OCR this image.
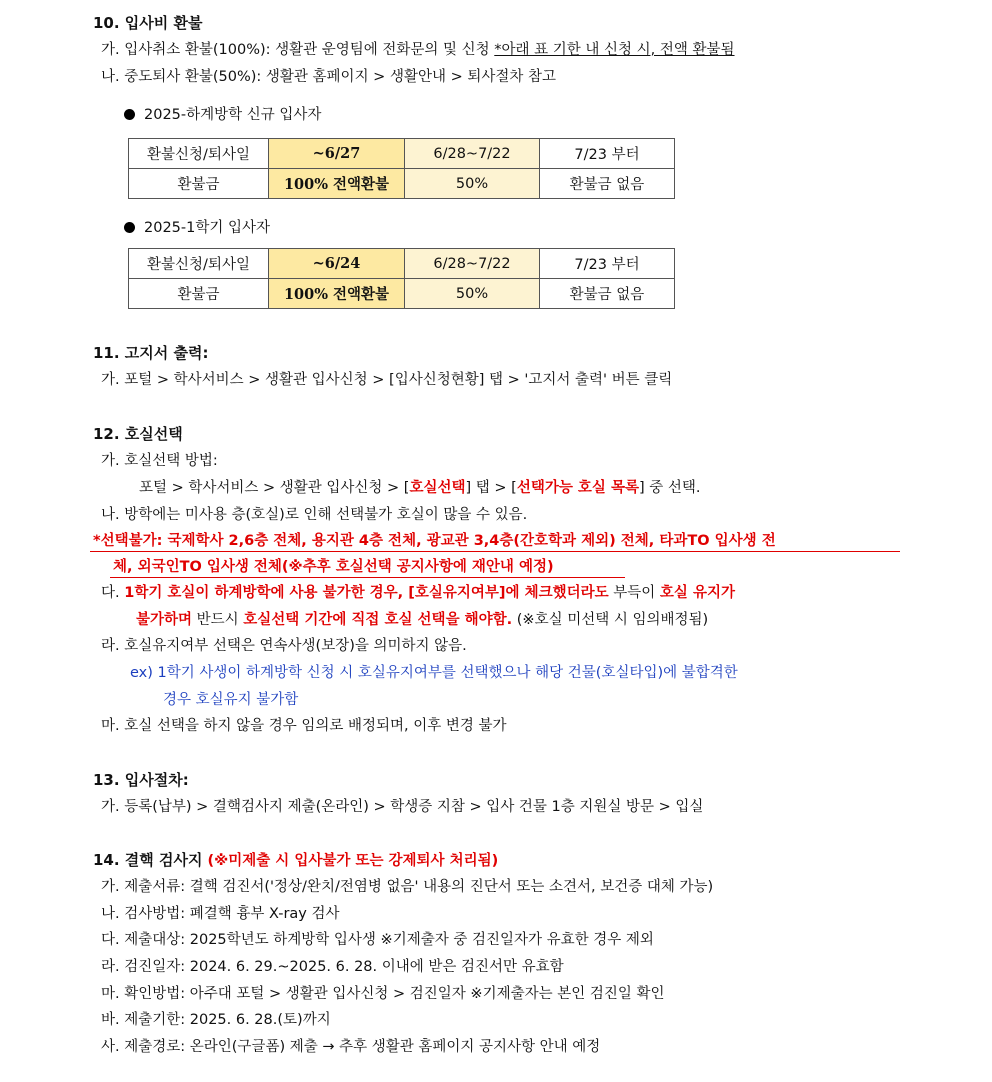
10. 입사비 환불
가. 입사취소 환불(100%): 생활관 운영팀에 전화문의 및 신청 *아래 표 기한 내 신청 시, 전액 환불됨
나. 중도퇴사 환불(50%): 생활관 홈페이지 > 생활안내 > 퇴사절차 참고
2025-하계방학 신규 입사자
환불신청/퇴사일	~6/27	6/28~7/22	7/23 부터
환불금	100% 전액환불	50%	환불금 없음
2025-1학기 입사자
환불신청/퇴사일	~6/24	6/28~7/22	7/23 부터
환불금	100% 전액환불	50%	환불금 없음
11. 고지서 출력:
가. 포털 > 학사서비스 > 생활관 입사신청 > [입사신청현황] 탭 > '고지서 출력' 버튼 클릭
12. 호실선택
가. 호실선택 방법:
포털 > 학사서비스 > 생활관 입사신청 > [호실선택] 탭 > [선택가능 호실 목록] 중 선택.
나. 방학에는 미사용 층(호실)로 인해 선택불가 호실이 많을 수 있음.
*선택불가: 국제학사 2,6층 전체, 용지관 4층 전체, 광교관 3,4층(간호학과 제외) 전체, 타과TO 입사생 전
체, 외국인TO 입사생 전체(※추후 호실선택 공지사항에 재안내 예정)
다. 1학기 호실이 하계방학에 사용 불가한 경우, [호실유지여부]에 체크했더라도 부득이 호실 유지가
불가하며 반드시 호실선택 기간에 직접 호실 선택을 해야함. (※호실 미선택 시 임의배정됨)
라. 호실유지여부 선택은 연속사생(보장)을 의미하지 않음.
ex) 1학기 사생이 하계방학 신청 시 호실유지여부를 선택했으나 해당 건물(호실타입)에 불합격한
경우 호실유지 불가함
마. 호실 선택을 하지 않을 경우 임의로 배정되며, 이후 변경 불가
13. 입사절차:
가. 등록(납부) > 결핵검사지 제출(온라인) > 학생증 지참 > 입사 건물 1층 지원실 방문 > 입실
14. 결핵 검사지 (※미제출 시 입사불가 또는 강제퇴사 처리됨)
가. 제출서류: 결핵 검진서('정상/완치/전염병 없음' 내용의 진단서 또는 소견서, 보건증 대체 가능)
나. 검사방법: 폐결핵 흉부 X-ray 검사
다. 제출대상: 2025학년도 하계방학 입사생 ※기제출자 중 검진일자가 유효한 경우 제외
라. 검진일자: 2024. 6. 29.~2025. 6. 28. 이내에 받은 검진서만 유효함
마. 확인방법: 아주대 포털 > 생활관 입사신청 > 검진일자 ※기제출자는 본인 검진일 확인
바. 제출기한: 2025. 6. 28.(토)까지
사. 제출경로: 온라인(구글폼) 제출 → 추후 생활관 홈페이지 공지사항 안내 예정
